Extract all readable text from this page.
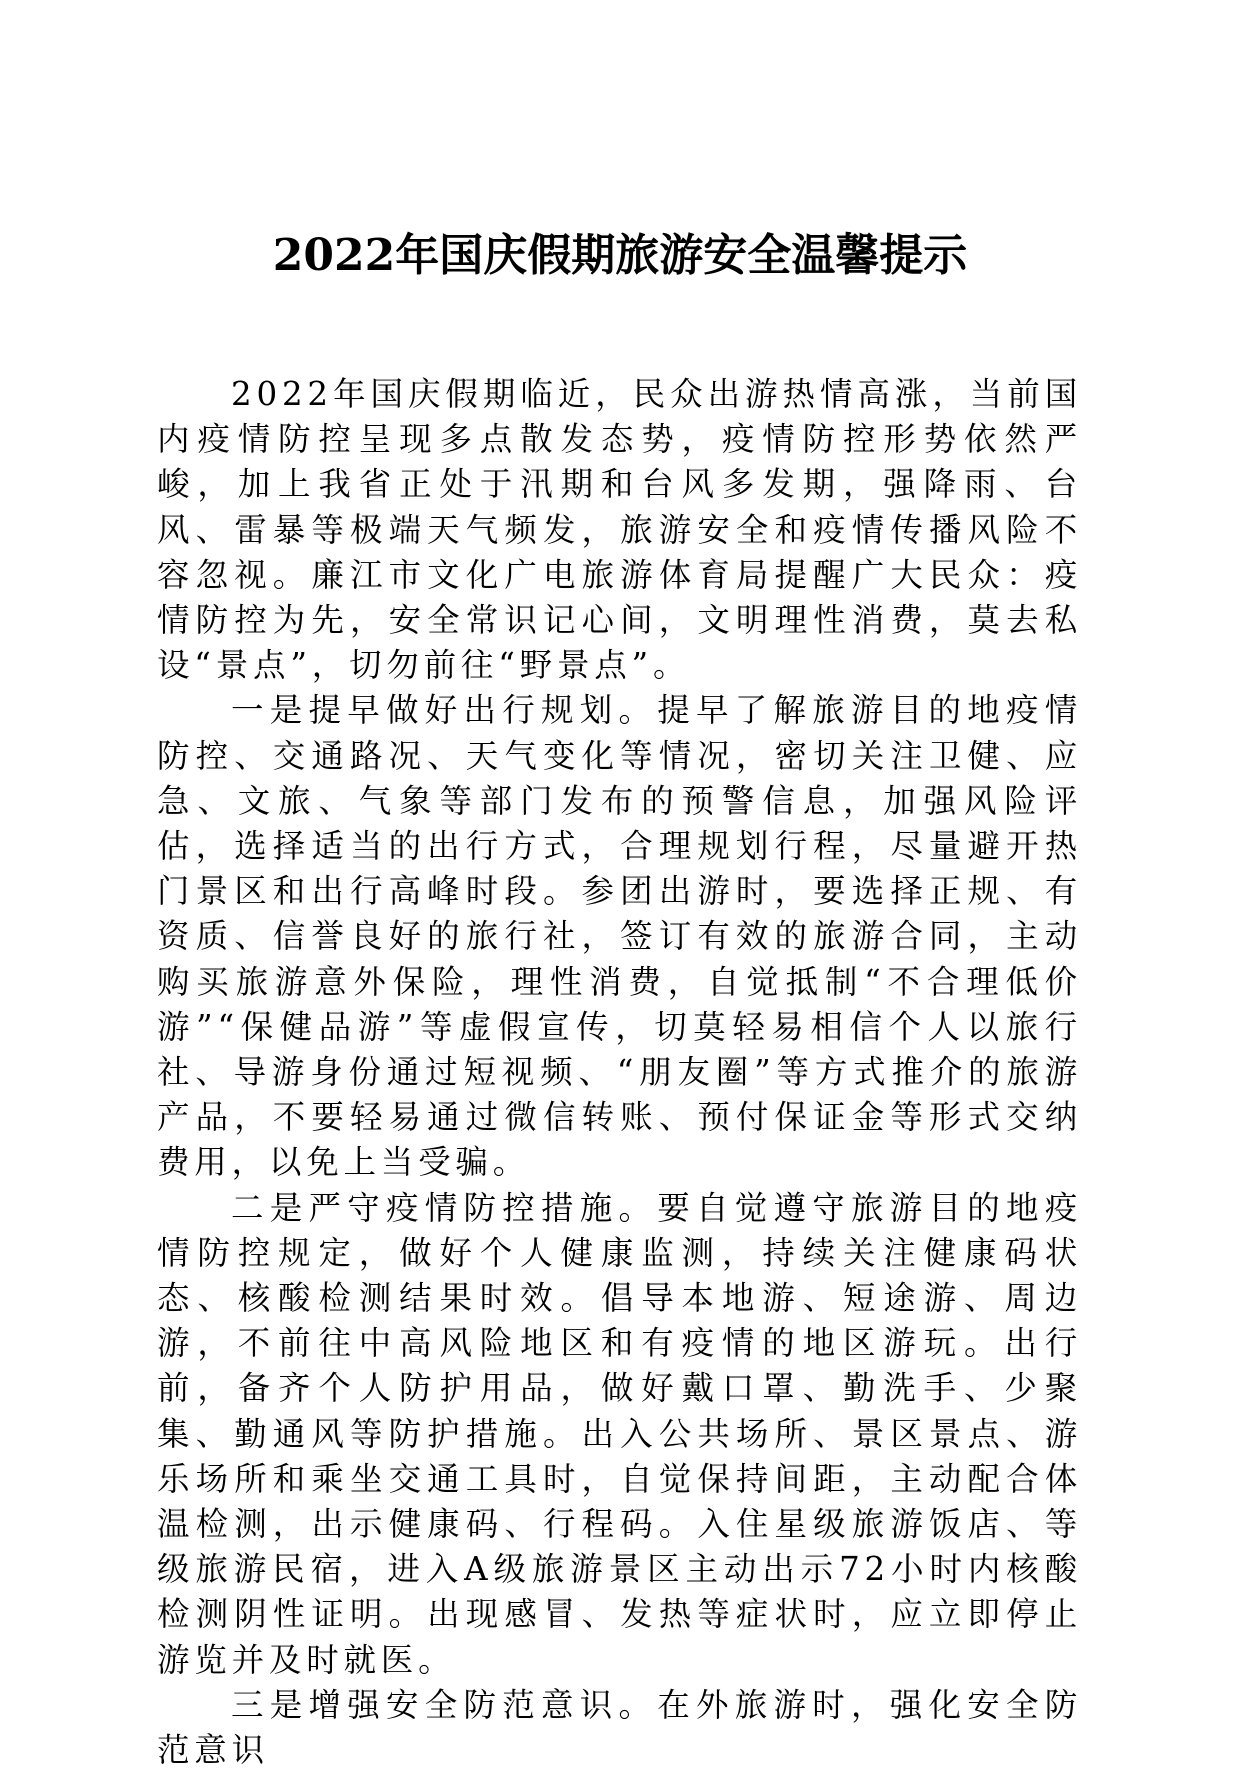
2022年国庆假期旅游安全温馨提示

2022年国庆假期临近，民众出游热情高涨，当前国内疫情防控呈现多点散发态势，疫情防控形势依然严峻，加上我省正处于汛期和台风多发期，强降雨、台风、雷暴等极端天气频发，旅游安全和疫情传播风险不容忽视。廉江市文化广电旅游体育局提醒广大民众：疫情防控为先，安全常识记心间，文明理性消费，莫去私设“景点”，切勿前往“野景点”。

一是提早做好出行规划。提早了解旅游目的地疫情防控、交通路况、天气变化等情况，密切关注卫健、应急、文旅、气象等部门发布的预警信息，加强风险评估，选择适当的出行方式，合理规划行程，尽量避开热门景区和出行高峰时段。参团出游时，要选择正规、有资质、信誉良好的旅行社，签订有效的旅游合同，主动购买旅游意外保险，理性消费，自觉抵制“不合理低价游”“保健品游”等虚假宣传，切莫轻易相信个人以旅行社、导游身份通过短视频、“朋友圈”等方式推介的旅游产品，不要轻易通过微信转账、预付保证金等形式交纳费用，以免上当受骗。

二是严守疫情防控措施。要自觉遵守旅游目的地疫情防控规定，做好个人健康监测，持续关注健康码状态、核酸检测结果时效。倡导本地游、短途游、周边游，不前往中高风险地区和有疫情的地区游玩。出行前，备齐个人防护用品，做好戴口罩、勤洗手、少聚集、勤通风等防护措施。出入公共场所、景区景点、游乐场所和乘坐交通工具时，自觉保持间距，主动配合体温检测，出示健康码、行程码。入住星级旅游饭店、等级旅游民宿，进入A级旅游景区主动出示72小时内核酸检测阴性证明。出现感冒、发热等症状时，应立即停止游览并及时就医。

三是增强安全防范意识。在外旅游时，强化安全防范意识
